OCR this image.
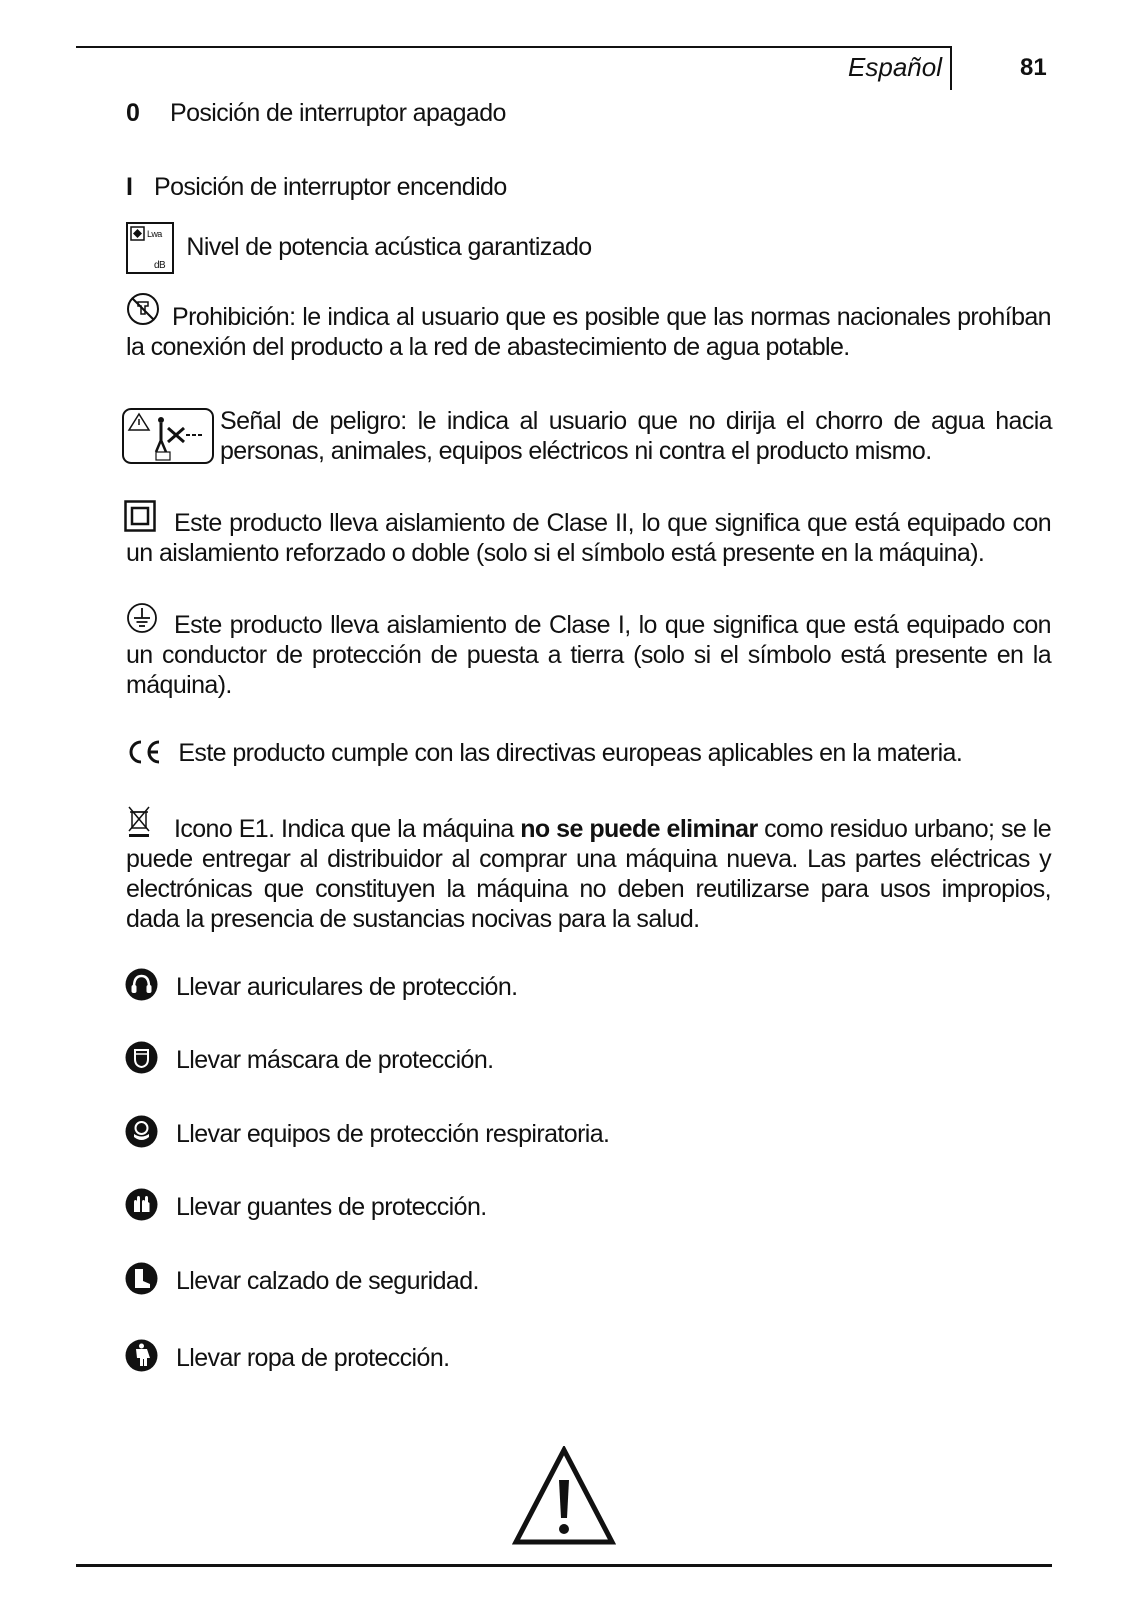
Español	81
0 Posición de interruptor apagado
I Posición de interruptor encendido
Lwa
dB
Nivel de potencia acústica garantizado
Prohibición: le indica al usuario que es posible que las normas nacionales prohíban la conexión del producto a la red de abastecimiento de agua potable.
Señal de peligro: le indica al usuario que no dirija el chorro de agua hacia personas, animales, equipos eléctricos ni contra el producto mismo.
Este producto lleva aislamiento de Clase II, lo que significa que está equipado con un aislamiento reforzado o doble (solo si el símbolo está presente en la máquina).
Este producto lleva aislamiento de Clase I, lo que significa que está equipado con un conductor de protección de puesta a tierra (solo si el símbolo está presente en la máquina).
Este producto cumple con las directivas europeas aplicables en la materia.
Icono E1. Indica que la máquina no se puede eliminar como residuo urbano; se le puede entregar al distribuidor al comprar una máquina nueva. Las partes eléctricas y electrónicas que constituyen la máquina no deben reutilizarse para usos impropios, dada la presencia de sustancias nocivas para la salud.
Llevar auriculares de protección.
Llevar máscara de protección.
Llevar equipos de protección respiratoria.
Llevar guantes de protección.
Llevar calzado de seguridad.
Llevar ropa de protección.
